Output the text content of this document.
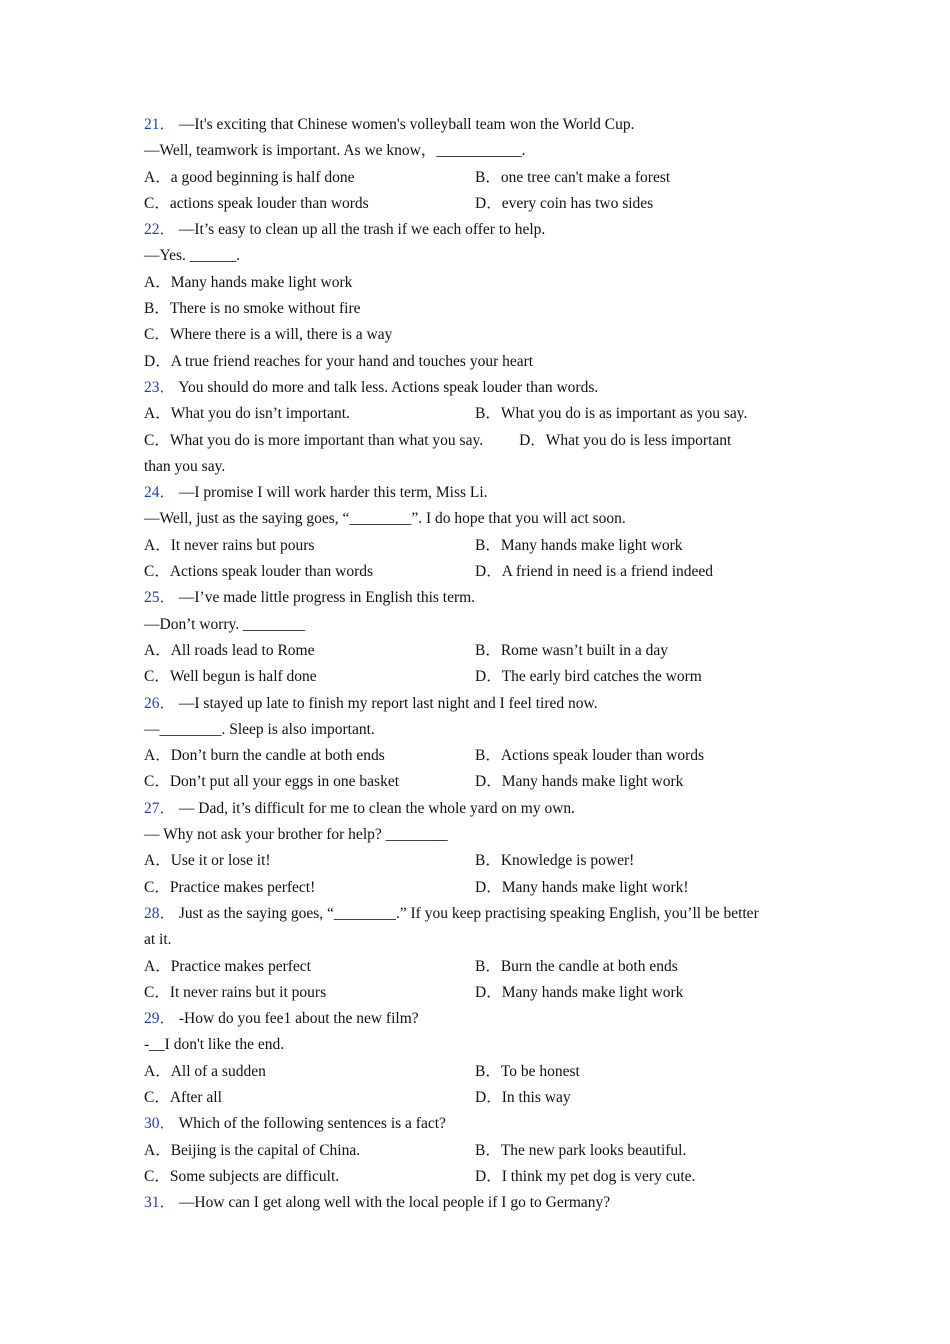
21． —It's exciting that Chinese women's volleyball team won the World Cup.
—Well, teamwork is important. As we know，___________.
A．a good beginning is half done	B．one tree can't make a forest
C．actions speak louder than words	D．every coin has two sides
22． —It’s easy to clean up all the trash if we each offer to help.
—Yes. ______.
A．Many hands make light work
B．There is no smoke without fire
C．Where there is a will, there is a way
D．A true friend reaches for your hand and touches your heart
23． You should do more and talk less. Actions speak louder than words.
A．What you do isn’t important.	B．What you do is as important as you say.
C．What you do is more important than what you say. D．What you do is less important
than you say.
24． —I promise I will work harder this term, Miss Li.
—Well, just as the saying goes, “________”. I do hope that you will act soon.
A．It never rains but pours	B．Many hands make light work
C．Actions speak louder than words	D．A friend in need is a friend indeed
25． —I’ve made little progress in English this term.
—Don’t worry. ________
A．All roads lead to Rome	B．Rome wasn’t built in a day
C．Well begun is half done	D．The early bird catches the worm
26． —I stayed up late to finish my report last night and I feel tired now.
—________. Sleep is also important.
A．Don’t burn the candle at both ends	B．Actions speak louder than words
C．Don’t put all your eggs in one basket	D．Many hands make light work
27． — Dad, it’s difficult for me to clean the whole yard on my own.
— Why not ask your brother for help? ________
A．Use it or lose it!	B．Knowledge is power!
C．Practice makes perfect!	D．Many hands make light work!
28． Just as the saying goes, “________.” If you keep practising speaking English, you’ll be better
at it.
A．Practice makes perfect	B．Burn the candle at both ends
C．It never rains but it pours	D．Many hands make light work
29． -How do you fee1 about the new film?
-__I don't like the end.
A．All of a sudden	B．To be honest
C．After all	D．In this way
30． Which of the following sentences is a fact?
A．Beijing is the capital of China.	B．The new park looks beautiful.
C．Some subjects are difficult.	D．I think my pet dog is very cute.
31． —How can I get along well with the local people if I go to Germany?
